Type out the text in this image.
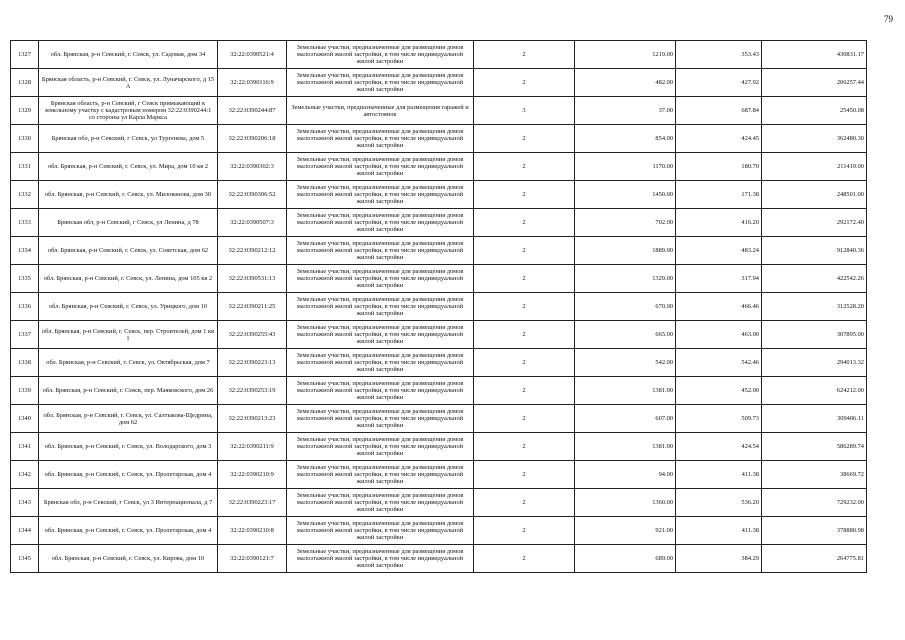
79
1327	обл. Брянская, р-н Севский, г. Севск, ул. Садовая, дом 34	32:22:0390521:4	Земельные участки, предназначенные для размещения домов малоэтажной жилой застройки, в том числе индивидуальной жилой застройки	2	1219.00	353.43	430831.17
1328	Брянская область, р-н Севский, г. Севск, ул. Луначарского, д 15 А	32:22:0390116:9	Земельные участки, предназначенные для размещения домов малоэтажной жилой застройки, в том числе индивидуальной жилой застройки	2	482.00	427.92	206257.44
1329	Брянская область, р-н Севский, г Севск примыкающий к земельному участку с кадастровым номером 32:22:0390244:1 со стороны ул Карла Маркса	32:22:0390244:87	Земельные участки, предназначенные для размещения гаражей и автостоянок	3	37.00	687.84	25450.08
1330	Брянская обл, р-н Севский, г Севск, ул Тургенева, дом 5	32:22:0390206:18	Земельные участки, предназначенные для размещения домов малоэтажной жилой застройки, в том числе индивидуальной жилой застройки	2	854.00	424.45	362480.30
1331	обл. Брянская, р-н Севский, г. Севск, ул. Мира, дом 10 кв 2	32:22:0390302:3	Земельные участки, предназначенные для размещения домов малоэтажной жилой застройки, в том числе индивидуальной жилой застройки	2	1170.00	180.70	211419.00
1332	обл. Брянская, р-н Севский, г. Севск, ул. Милованова, дом 30	32:22:0390306:52	Земельные участки, предназначенные для размещения домов малоэтажной жилой застройки, в том числе индивидуальной жилой застройки	2	1450.00	171.38	248501.00
1333	Брянская обл, р-н Севский, г Севск, ул Ленина, д 78	32:22:0390507:3	Земельные участки, предназначенные для размещения домов малоэтажной жилой застройки, в том числе индивидуальной жилой застройки	2	702.00	416.20	292172.40
1334	обл. Брянская, р-н Севский, г. Севск, ул. Советская, дом 62	32:22:0390212:12	Земельные участки, предназначенные для размещения домов малоэтажной жилой застройки, в том числе индивидуальной жилой застройки	2	1889.00	483.24	912840.36
1335	обл. Брянская, р-н Севский, г. Севск, ул. Ленина, дом 105 кв 2	32:22:0390531:13	Земельные участки, предназначенные для размещения домов малоэтажной жилой застройки, в том числе индивидуальной жилой застройки	2	1329.00	317.94	422542.26
1336	обл. Брянская, р-н Севский, г. Севск, ул. Урицкого, дом 10	32:22:0390211:25	Земельные участки, предназначенные для размещения домов малоэтажной жилой застройки, в том числе индивидуальной жилой застройки	2	670.00	466.46	312528.20
1337	обл. Брянская, р-н Севский, г. Севск, пер. Строителей, дом 1 кв 1	32:22:0390255:43	Земельные участки, предназначенные для размещения домов малоэтажной жилой застройки, в том числе индивидуальной жилой застройки	2	665.00	463.00	307895.00
1338	обл. Брянская, р-н Севский, г. Севск, ул. Октябрьская, дом 7	32:22:0390223:13	Земельные участки, предназначенные для размещения домов малоэтажной жилой застройки, в том числе индивидуальной жилой застройки	2	542.00	542.46	294013.32
1339	обл. Брянская, р-н Севский, г. Севск, пер. Маяковского, дом 26	32:22:0390253:19	Земельные участки, предназначенные для размещения домов малоэтажной жилой застройки, в том числе индивидуальной жилой застройки	2	1381.00	452.00	624212.00
1340	обл. Брянская, р-н Севский, г. Севск, ул. Салтыкова-Щедрина, дом 62	32:22:0390213:23	Земельные участки, предназначенные для размещения домов малоэтажной жилой застройки, в том числе индивидуальной жилой застройки	2	607.00	509.73	309406.11
1341	обл. Брянская, р-н Севский, г. Севск, ул. Володарского, дом 3	32:22:0390211:9	Земельные участки, предназначенные для размещения домов малоэтажной жилой застройки, в том числе индивидуальной жилой застройки	2	1381.00	424.54	586289.74
1342	обл. Брянская, р-н Севский, г. Севск, ул. Пролетарская, дом 4	32:22:0390210:9	Земельные участки, предназначенные для размещения домов малоэтажной жилой застройки, в том числе индивидуальной жилой застройки	2	94.00	411.38	38669.72
1343	Брянская обл, р-н Севский, г Севск, ул 3 Интернационала, д 7	32:22:0390223:17	Земельные участки, предназначенные для размещения домов малоэтажной жилой застройки, в том числе индивидуальной жилой застройки	2	1360.00	536.20	729232.00
1344	обл. Брянская, р-н Севский, г. Севск, ул. Пролетарская, дом 4	32:22:0390210:8	Земельные участки, предназначенные для размещения домов малоэтажной жилой застройки, в том числе индивидуальной жилой застройки	2	921.00	411.38	378880.98
1345	обл. Брянская, р-н Севский, г. Севск, ул. Кирова, дом 10	32:22:0390121:7	Земельные участки, предназначенные для размещения домов малоэтажной жилой застройки, в том числе индивидуальной жилой застройки	2	689.00	384.29	264775.81
